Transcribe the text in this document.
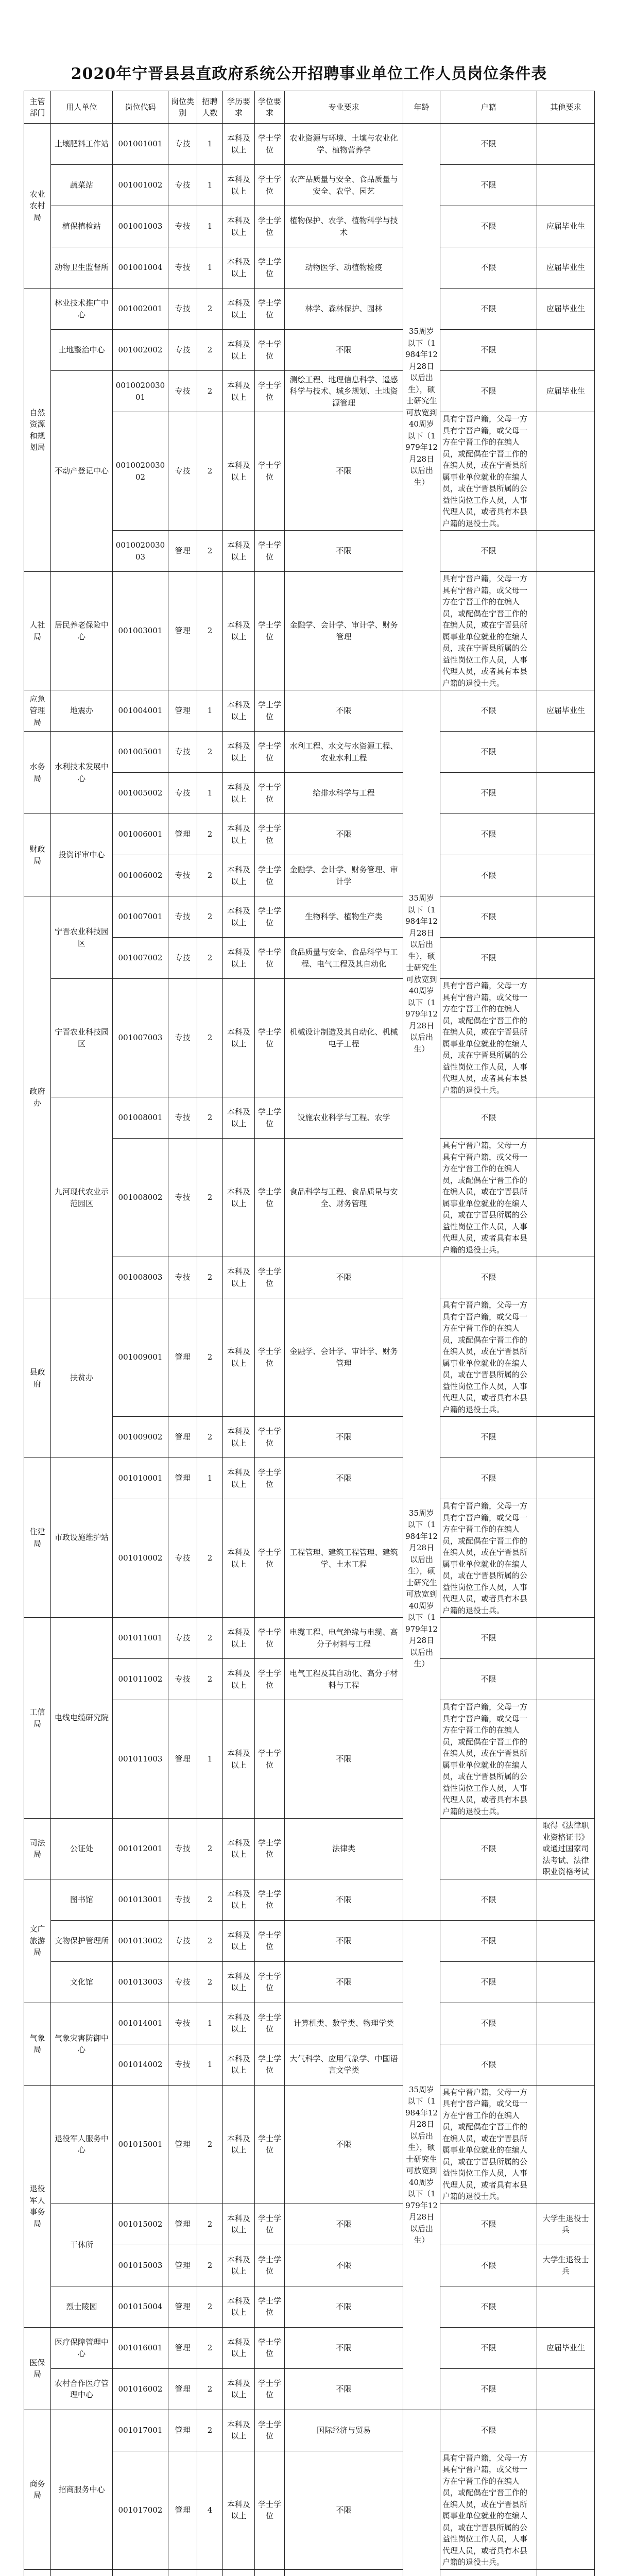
2020年宁晋县县直政府系统公开招聘事业单位工作人员岗位条件表
主管部门	用人单位	岗位代码	岗位类别	招聘人数	学历要求	学位要求	专业要求	年龄	户籍	其他要求
农业农村局	土壤肥料工作站	001001001	专技	1	本科及以上	学士学位	农业资源与环境、土壤与农业化学、植物营养学	35周岁以下（1984年12月28日以后出生），硕士研究生可放宽到40周岁以下（1979年12月28日以后出生）	不限	
	蔬菜站	001001002	专技	1	本科及以上	学士学位	农产品质量与安全、食品质量与安全、农学、园艺		不限	
	植保植检站	001001003	专技	1	本科及以上	学士学位	植物保护、农学、植物科学与技术		不限	应届毕业生
	动物卫生监督所	001001004	专技	1	本科及以上	学士学位	动物医学、动植物检疫		不限	应届毕业生
自然资源和规划局	林业技术推广中心	001002001	专技	2	本科及以上	学士学位	林学、森林保护、园林		不限	应届毕业生
	土地整治中心	001002002	专技	2	本科及以上	学士学位	不限		不限	
	不动产登记中心	001002003001	专技	2	本科及以上	学士学位	测绘工程、地理信息科学、遥感科学与技术、城乡规划、土地资源管理		不限	应届毕业生
		001002003002	专技	2	本科及以上	学士学位	不限		具有宁晋户籍，父母一方具有宁晋户籍，或父母一方在宁晋工作的在编人员，或配偶在宁晋工作的在编人员，或在宁晋县所属事业单位就业的在编人员，或在宁晋县所属的公益性岗位工作人员，人事代理人员，或者具有本县户籍的退役士兵。	
		001002003003	管理	2	本科及以上	学士学位	不限		不限	
人社局	居民养老保险中心	001003001	管理	2	本科及以上	学士学位	金融学、会计学、审计学、财务管理		具有宁晋户籍，父母一方具有宁晋户籍，或父母一方在宁晋工作的在编人员，或配偶在宁晋工作的在编人员，或在宁晋县所属事业单位就业的在编人员，或在宁晋县所属的公益性岗位工作人员，人事代理人员，或者具有本县户籍的退役士兵。	
应急管理局	地震办	001004001	管理	1	本科及以上	学士学位	不限	35周岁以下（1984年12月28日以后出生），硕士研究生可放宽到40周岁以下（1979年12月28日以后出生）	不限	应届毕业生
水务局	水利技术发展中心	001005001	专技	2	本科及以上	学士学位	水利工程、水文与水资源工程、农业水利工程		不限	
		001005002	专技	1	本科及以上	学士学位	给排水科学与工程		不限	
财政局	投资评审中心	001006001	管理	2	本科及以上	学士学位	不限		不限	
		001006002	专技	2	本科及以上	学士学位	金融学、会计学、财务管理、审计学		不限	
政府办	宁晋农业科技园区	001007001	专技	2	本科及以上	学士学位	生物科学、植物生产类		不限	
		001007002	专技	2	本科及以上	学士学位	食品质量与安全、食品科学与工程、电气工程及其自动化		不限	
	宁晋农业科技园区	001007003	专技	2	本科及以上	学士学位	机械设计制造及其自动化、机械电子工程		具有宁晋户籍，父母一方具有宁晋户籍，或父母一方在宁晋工作的在编人员，或配偶在宁晋工作的在编人员，或在宁晋县所属事业单位就业的在编人员，或在宁晋县所属的公益性岗位工作人员，人事代理人员，或者具有本县户籍的退役士兵。	
	九河现代农业示范园区	001008001	专技	2	本科及以上	学士学位	设施农业科学与工程、农学		不限	
		001008002	专技	2	本科及以上	学士学位	食品科学与工程、食品质量与安全、财务管理		具有宁晋户籍，父母一方具有宁晋户籍，或父母一方在宁晋工作的在编人员，或配偶在宁晋工作的在编人员，或在宁晋县所属事业单位就业的在编人员，或在宁晋县所属的公益性岗位工作人员，人事代理人员，或者具有本县户籍的退役士兵。	
		001008003	专技	2	本科及以上	学士学位	不限	35周岁以下（1984年12月28日以后出生），硕士研究生可放宽到40周岁以下（1979年12月28日以后出生）	不限	
县政府	扶贫办	001009001	管理	2	本科及以上	学士学位	金融学、会计学、审计学、财务管理		具有宁晋户籍，父母一方具有宁晋户籍，或父母一方在宁晋工作的在编人员，或配偶在宁晋工作的在编人员，或在宁晋县所属事业单位就业的在编人员，或在宁晋县所属的公益性岗位工作人员，人事代理人员，或者具有本县户籍的退役士兵。	
		001009002	管理	2	本科及以上	学士学位	不限		不限	
住建局	市政设施维护站	001010001	管理	1	本科及以上	学士学位	不限		不限	
		001010002	专技	2	本科及以上	学士学位	工程管理、建筑工程管理、建筑学、土木工程		具有宁晋户籍，父母一方具有宁晋户籍，或父母一方在宁晋工作的在编人员，或配偶在宁晋工作的在编人员，或在宁晋县所属事业单位就业的在编人员，或在宁晋县所属的公益性岗位工作人员，人事代理人员，或者具有本县户籍的退役士兵。	
工信局	电线电缆研究院	001011001	专技	2	本科及以上	学士学位	电缆工程、电气绝缘与电缆、高分子材料与工程		不限	
		001011002	专技	2	本科及以上	学士学位	电气工程及其自动化、高分子材料与工程		不限	
		001011003	管理	1	本科及以上	学士学位	不限		具有宁晋户籍，父母一方具有宁晋户籍，或父母一方在宁晋工作的在编人员，或配偶在宁晋工作的在编人员，或在宁晋县所属事业单位就业的在编人员，或在宁晋县所属的公益性岗位工作人员，人事代理人员，或者具有本县户籍的退役士兵。	
司法局	公证处	001012001	专技	2	本科及以上	学士学位	法律类		不限	取得《法律职业资格证书》或通过国家司法考试、法律职业资格考试
文广旅游局	图书馆	001013001	专技	2	本科及以上	学士学位	不限		不限	
	文物保护管理所	001013002	专技	2	本科及以上	学士学位	不限	35周岁以下（1984年12月28日以后出生），硕士研究生可放宽到40周岁以下（1979年12月28日以后出生）	不限	
	文化馆	001013003	专技	2	本科及以上	学士学位	不限		不限	
气象局	气象灾害防御中心	001014001	专技	1	本科及以上	学士学位	计算机类、数学类、物理学类		不限	
		001014002	专技	1	本科及以上	学士学位	大气科学、应用气象学、中国语言文学类		不限	
退役军人事务局	退役军人服务中心	001015001	管理	2	本科及以上	学士学位	不限		具有宁晋户籍，父母一方具有宁晋户籍，或父母一方在宁晋工作的在编人员，或配偶在宁晋工作的在编人员，或在宁晋县所属事业单位就业的在编人员，或在宁晋县所属的公益性岗位工作人员，人事代理人员，或者具有本县户籍的退役士兵。	
	干休所	001015002	管理	2	本科及以上	学士学位	不限		不限	大学生退役士兵
		001015003	管理	2	本科及以上	学士学位	不限		不限	大学生退役士兵
	烈士陵园	001015004	管理	2	本科及以上	学士学位	不限		不限	
医保局	医疗保障管理中心	001016001	管理	2	本科及以上	学士学位	不限		不限	应届毕业生
	农村合作医疗管理中心	001016002	管理	2	本科及以上	学士学位	不限		不限	
商务局	招商服务中心	001017001	管理	2	本科及以上	学士学位	国际经济与贸易		不限	
		001017002	管理	4	本科及以上	学士学位	不限		具有宁晋户籍，父母一方具有宁晋户籍，或父母一方在宁晋工作的在编人员，或配偶在宁晋工作的在编人员，或在宁晋县所属事业单位就业的在编人员，或在宁晋县所属的公益性岗位工作人员，人事代理人员，或者具有本县户籍的退役士兵。	
